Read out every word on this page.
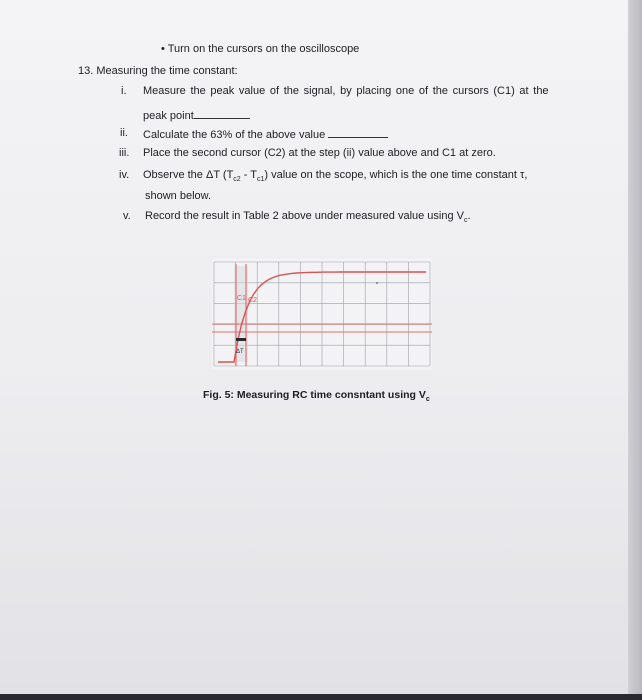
• Turn on the cursors on the oscilloscope
13. Measuring the time constant:
i. Measure the peak value of the signal, by placing one of the cursors (C1) at the
peak point
ii. Calculate the 63% of the above value
iii. Place the second cursor (C2) at the step (ii) value above and C1 at zero.
iv. Observe the ΔT $(T_{c2} - T_{c1})$ value on the scope, which is the one time constant τ,
shown below.
v. Record the result in Table 2 above under measured value using $V_c$.
C1 C2
ΔT
Fig. 5: Measuring RC time consntant using $V_c$
